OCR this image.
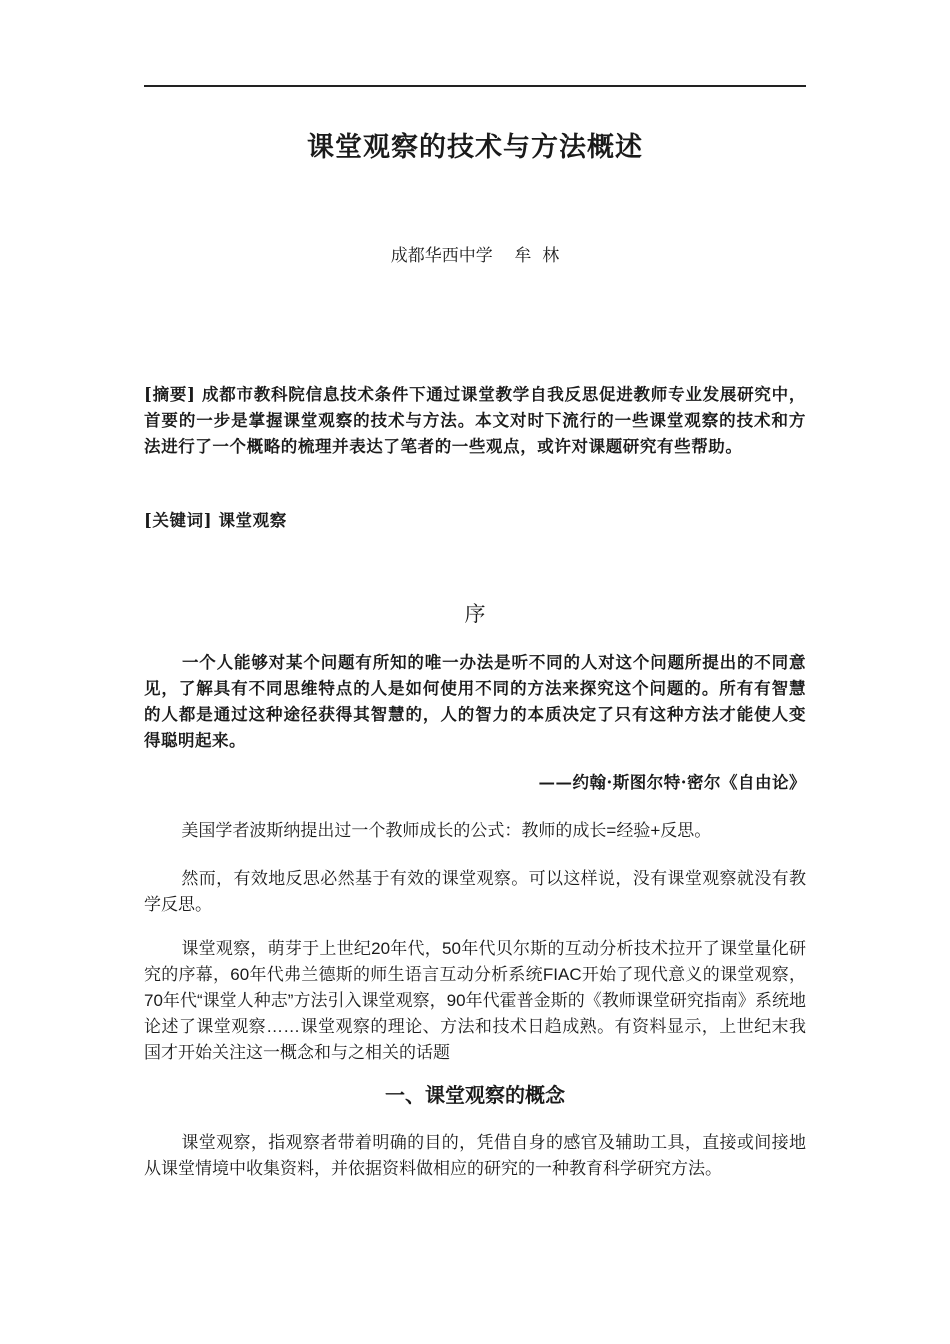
课堂观察的技术与方法概述
成都华西中学    牟  林
[摘要] 成都市教科院信息技术条件下通过课堂教学自我反思促进教师专业发展研究中，首要的一步是掌握课堂观察的技术与方法。本文对时下流行的一些课堂观察的技术和方法进行了一个概略的梳理并表达了笔者的一些观点，或许对课题研究有些帮助。
[关键词] 课堂观察
序
一个人能够对某个问题有所知的唯一办法是听不同的人对这个问题所提出的不同意见，了解具有不同思维特点的人是如何使用不同的方法来探究这个问题的。所有有智慧的人都是通过这种途径获得其智慧的，人的智力的本质决定了只有这种方法才能使人变得聪明起来。
——约翰·斯图尔特·密尔《自由论》
美国学者波斯纳提出过一个教师成长的公式：教师的成长=经验+反思。
然而，有效地反思必然基于有效的课堂观察。可以这样说，没有课堂观察就没有教学反思。
课堂观察，萌芽于上世纪20年代，50年代贝尔斯的互动分析技术拉开了课堂量化研究的序幕，60年代弗兰德斯的师生语言互动分析系统FIAC开始了现代意义的课堂观察，70年代“课堂人种志”方法引入课堂观察，90年代霍普金斯的《教师课堂研究指南》系统地论述了课堂观察……课堂观察的理论、方法和技术日趋成熟。有资料显示，上世纪末我国才开始关注这一概念和与之相关的话题
一、课堂观察的概念
课堂观察，指观察者带着明确的目的，凭借自身的感官及辅助工具，直接或间接地从课堂情境中收集资料，并依据资料做相应的研究的一种教育科学研究方法。
